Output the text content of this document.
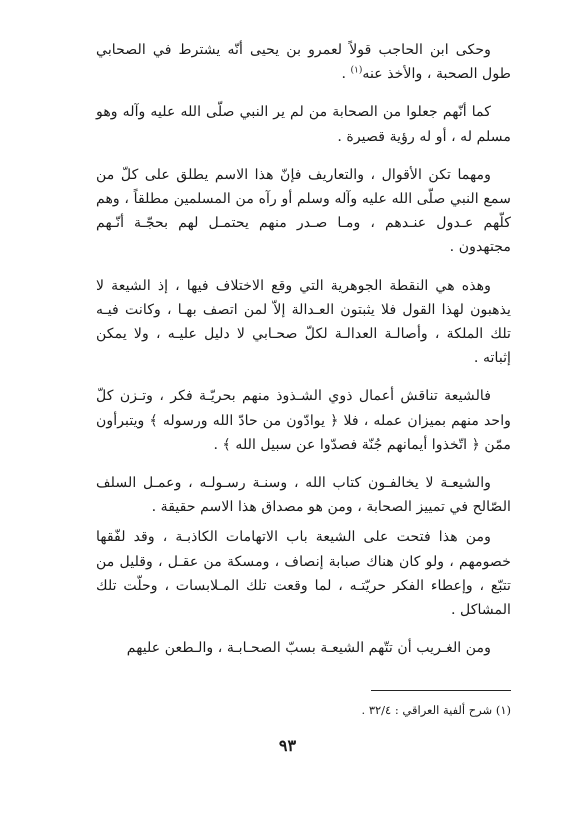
وحكى ابن الحاجب قولاً لعمرو بن يحيى أنّه يشترط في الصحابي طول الصحبة ، والأخذ عنه$^{(١)}$ .

كما أنّهم جعلوا من الصحابة من لم ير النبي صلّى الله عليه وآله وهو مسلم له ، أو له رؤية قصيرة .

ومهما تكن الأقوال ، والتعاريف فإنّ هذا الاسم يطلق على كلّ من سمع النبي صلّى الله عليه وآله وسلم أو رآه من المسلمين مطلقاً ، وهم كلّهم عـدول عنـدهم ، ومـا صـدر منهم يحتمـل لهم بحجّـة أنّـهم مجتهدون .

وهذه هي النقطة الجوهرية التي وقع الاختلاف فيها ، إذ الشيعة لا يذهبون لهذا القول فلا يثبتون العـدالة إلاّ لمن اتصف بهـا ، وكانت فيـه تلك الملكة ، وأصالـة العدالـة لكلّ صحـابي لا دليل عليـه ، ولا يمكن إثباته .

فالشيعة تناقش أعمال ذوي الشـذوذ منهم بحريّـة فكر ، وتـزن كلّ واحد منهم بميزان عمله ، فلا ﴿ يوادّون من حادّ الله ورسوله ﴾ ويتبرأون ممّن ﴿ اتّخذوا أيمانهم جُنّة فصدّوا عن سبيل الله ﴾ .

والشيعـة لا يخالفـون كتاب الله ، وسنـة رسـولـه ، وعمـل السلف الصّالح في تمييز الصحابة ، ومن هو مصداق هذا الاسم حقيقة .

ومن هذا فتحت على الشيعة باب الاتهامات الكاذبـة ، وقد لفّقها خصومهم ، ولو كان هناك صبابة إنصاف ، ومسكة من عقـل ، وقليل من تتبّع ، وإعطاء الفكر حريّتـه ، لما وقعت تلك المـلابسات ، وحلّت تلك المشاكل .

ومن الغـريب أن تتّهم الشيعـة بسبّ الصحـابـة ، والـطعن عليهم

(١) شرح ألفية العراقي : ٣٢/٤ .
٩٣
